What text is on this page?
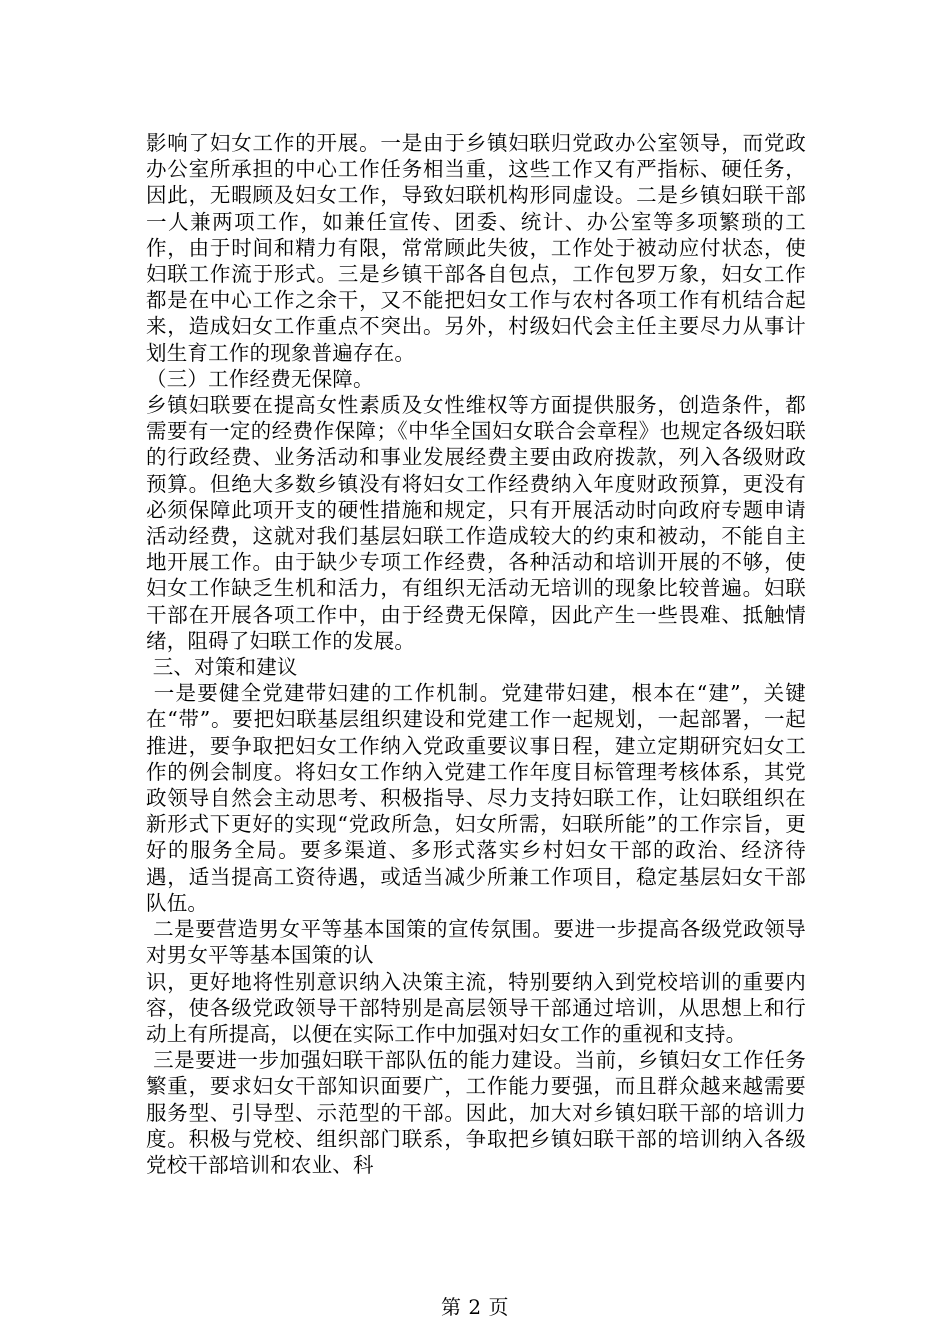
影响了妇女工作的开展。一是由于乡镇妇联归党政办公室领导，而党政办公室所承担的中心工作任务相当重，这些工作又有严指标、硬任务，因此，无暇顾及妇女工作，导致妇联机构形同虚设。二是乡镇妇联干部一人兼两项工作，如兼任宣传、团委、统计、办公室等多项繁琐的工作，由于时间和精力有限，常常顾此失彼，工作处于被动应付状态，使妇联工作流于形式。三是乡镇干部各自包点，工作包罗万象，妇女工作都是在中心工作之余干，又不能把妇女工作与农村各项工作有机结合起来，造成妇女工作重点不突出。另外，村级妇代会主任主要尽力从事计划生育工作的现象普遍存在。

（三）工作经费无保障。

乡镇妇联要在提高女性素质及女性维权等方面提供服务，创造条件，都需要有一定的经费作保障；《中华全国妇女联合会章程》也规定各级妇联的行政经费、业务活动和事业发展经费主要由政府拨款，列入各级财政预算。但绝大多数乡镇没有将妇女工作经费纳入年度财政预算，更没有必须保障此项开支的硬性措施和规定，只有开展活动时向政府专题申请活动经费，这就对我们基层妇联工作造成较大的约束和被动，不能自主地开展工作。由于缺少专项工作经费，各种活动和培训开展的不够，使妇女工作缺乏生机和活力，有组织无活动无培训的现象比较普遍。妇联干部在开展各项工作中，由于经费无保障，因此产生一些畏难、抵触情绪，阻碍了妇联工作的发展。

三、对策和建议

一是要健全党建带妇建的工作机制。党建带妇建，根本在“建”，关键在“带”。要把妇联基层组织建设和党建工作一起规划，一起部署，一起推进，要争取把妇女工作纳入党政重要议事日程，建立定期研究妇女工作的例会制度。将妇女工作纳入党建工作年度目标管理考核体系，其党政领导自然会主动思考、积极指导、尽力支持妇联工作，让妇联组织在新形式下更好的实现“党政所急，妇女所需，妇联所能”的工作宗旨，更好的服务全局。要多渠道、多形式落实乡村妇女干部的政治、经济待遇，适当提高工资待遇，或适当减少所兼工作项目，稳定基层妇女干部队伍。

二是要营造男女平等基本国策的宣传氛围。要进一步提高各级党政领导对男女平等基本国策的认

识，更好地将性别意识纳入决策主流，特别要纳入到党校培训的重要内容，使各级党政领导干部特别是高层领导干部通过培训，从思想上和行动上有所提高，以便在实际工作中加强对妇女工作的重视和支持。

三是要进一步加强妇联干部队伍的能力建设。当前，乡镇妇女工作任务繁重，要求妇女干部知识面要广，工作能力要强，而且群众越来越需要服务型、引导型、示范型的干部。因此，加大对乡镇妇联干部的培训力度。积极与党校、组织部门联系，争取把乡镇妇联干部的培训纳入各级党校干部培训和农业、科

第 2 页
